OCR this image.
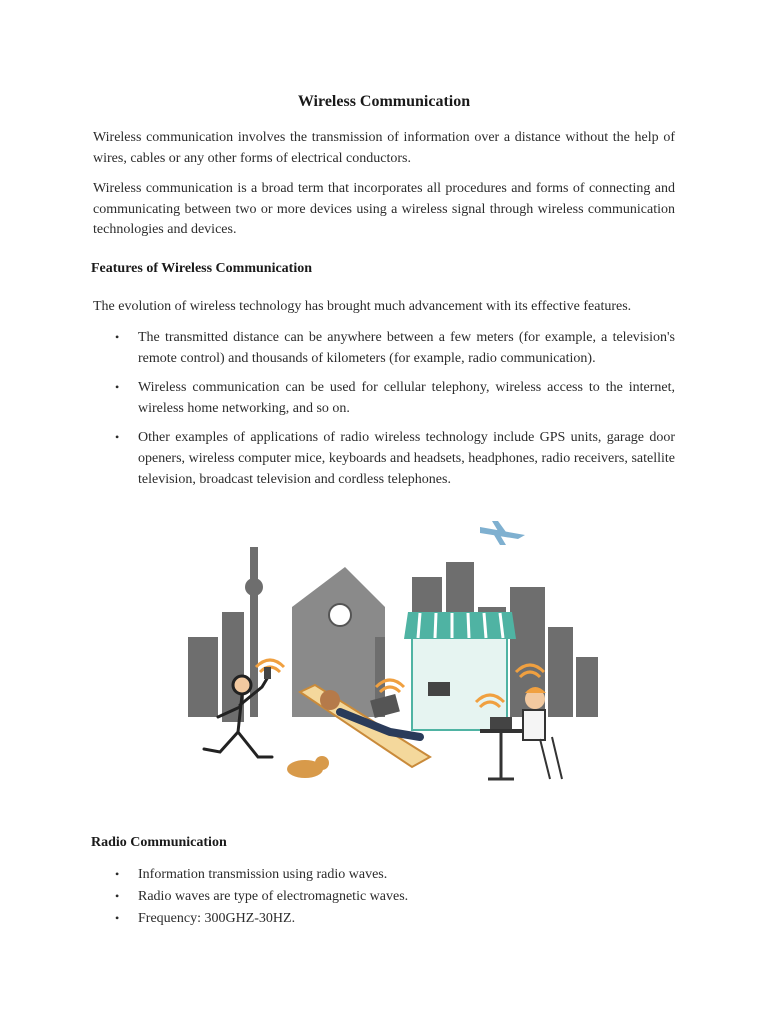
Wireless Communication

Wireless communication involves the transmission of information over a distance without the help of wires, cables or any other forms of electrical conductors.

Wireless communication is a broad term that incorporates all procedures and forms of connecting and communicating between two or more devices using a wireless signal through wireless communication technologies and devices.

Features of Wireless Communication

The evolution of wireless technology has brought much advancement with its effective features.

• The transmitted distance can be anywhere between a few meters (for example, a television's remote control) and thousands of kilometers (for example, radio communication).
• Wireless communication can be used for cellular telephony, wireless access to the internet, wireless home networking, and so on.
• Other examples of applications of radio wireless technology include GPS units, garage door openers, wireless computer mice, keyboards and headsets, headphones, radio receivers, satellite television, broadcast television and cordless telephones.
Radio Communication
• Information transmission using radio waves.
• Radio waves are type of electromagnetic waves.
• Frequency: 300GHZ-30HZ.
